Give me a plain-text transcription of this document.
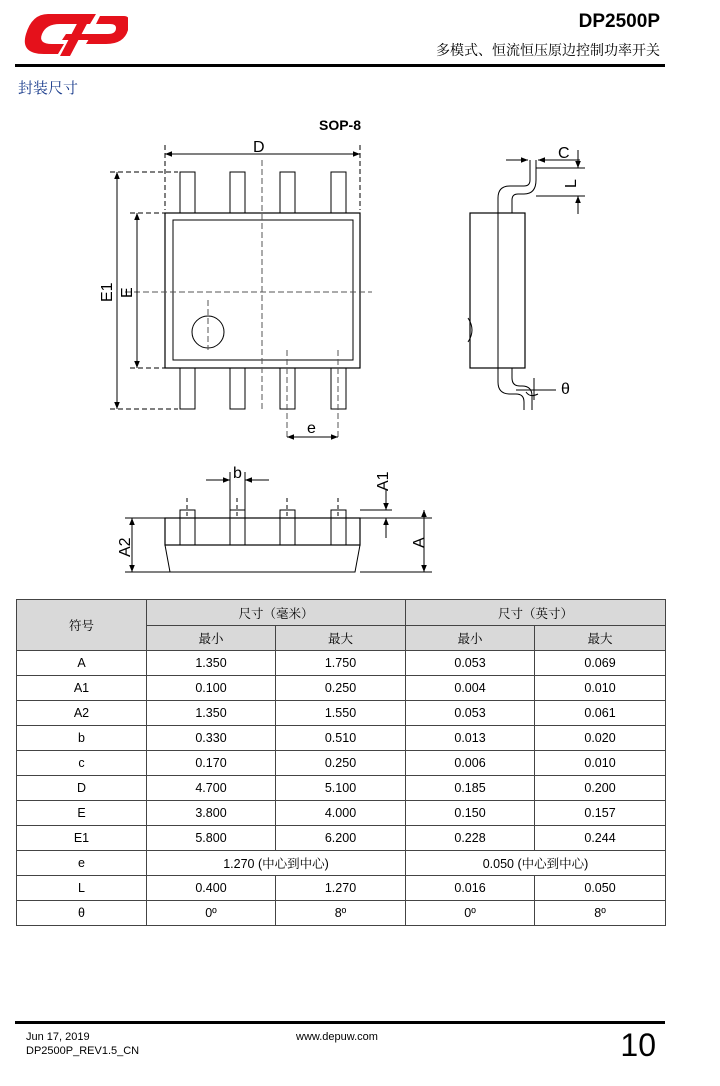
DP2500P
多模式、恒流恒压原边控制功率开关
封装尺寸
SOP-8
D
E1 E
e
C
L
θ
b	A1
A
A2
符号	尺寸（毫米）		尺寸（英寸）	
	最小	最大	最小	最大
A	1.350	1.750	0.053	0.069
A1	0.100	0.250	0.004	0.010
A2	1.350	1.550	0.053	0.061
b	0.330	0.510	0.013	0.020
c	0.170	0.250	0.006	0.010
D	4.700	5.100	0.185	0.200
E	3.800	4.000	0.150	0.157
E1	5.800	6.200	0.228	0.244
e	1.270 (中心到中心)		0.050 (中心到中心)	
L	0.400	1.270	0.016	0.050
θ	0º	8º	0º	8º
Jun 17, 2019
DP2500P_REV1.5_CN
www.depuw.com	10
